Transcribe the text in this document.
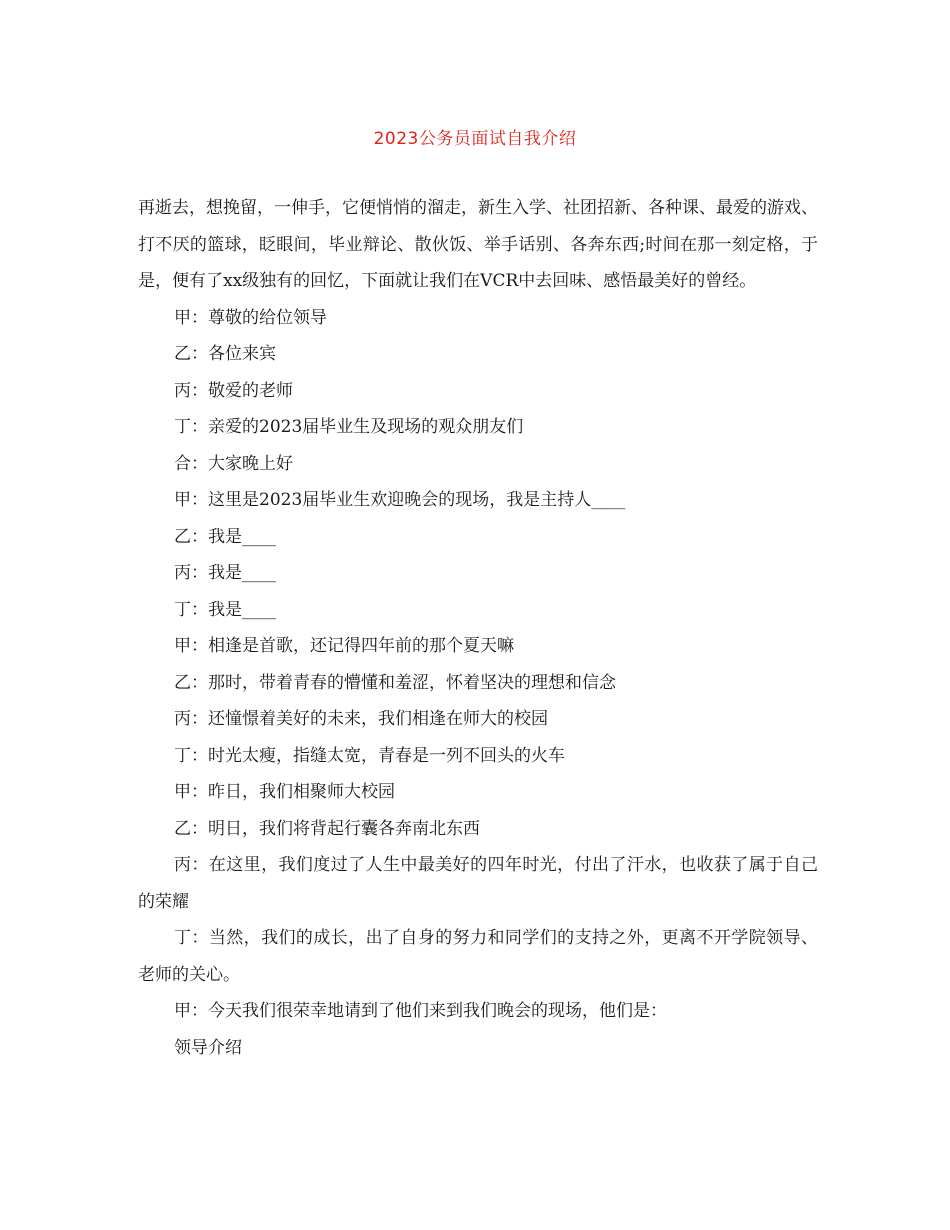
2023公务员面试自我介绍

再逝去，想挽留，一伸手，它便悄悄的溜走，新生入学、社团招新、各种课、最爱的游戏、打不厌的篮球，眨眼间，毕业辩论、散伙饭、举手话别、各奔东西;时间在那一刻定格，于是，便有了xx级独有的回忆，下面就让我们在VCR中去回味、感悟最美好的曾经。

甲：尊敬的给位领导

乙：各位来宾

丙：敬爱的老师

丁：亲爱的2023届毕业生及现场的观众朋友们

合：大家晚上好

甲：这里是2023届毕业生欢迎晚会的现场，我是主持人____

乙：我是____

丙：我是____

丁：我是____

甲：相逢是首歌，还记得四年前的那个夏天嘛

乙：那时，带着青春的懵懂和羞涩，怀着坚决的理想和信念

丙：还憧憬着美好的未来，我们相逢在师大的校园

丁：时光太瘦，指缝太宽，青春是一列不回头的火车

甲：昨日，我们相聚师大校园

乙：明日，我们将背起行囊各奔南北东西

丙：在这里，我们度过了人生中最美好的四年时光，付出了汗水，也收获了属于自己的荣耀

丁：当然，我们的成长，出了自身的努力和同学们的支持之外，更离不开学院领导、老师的关心。

甲：今天我们很荣幸地请到了他们来到我们晚会的现场，他们是：

领导介绍
